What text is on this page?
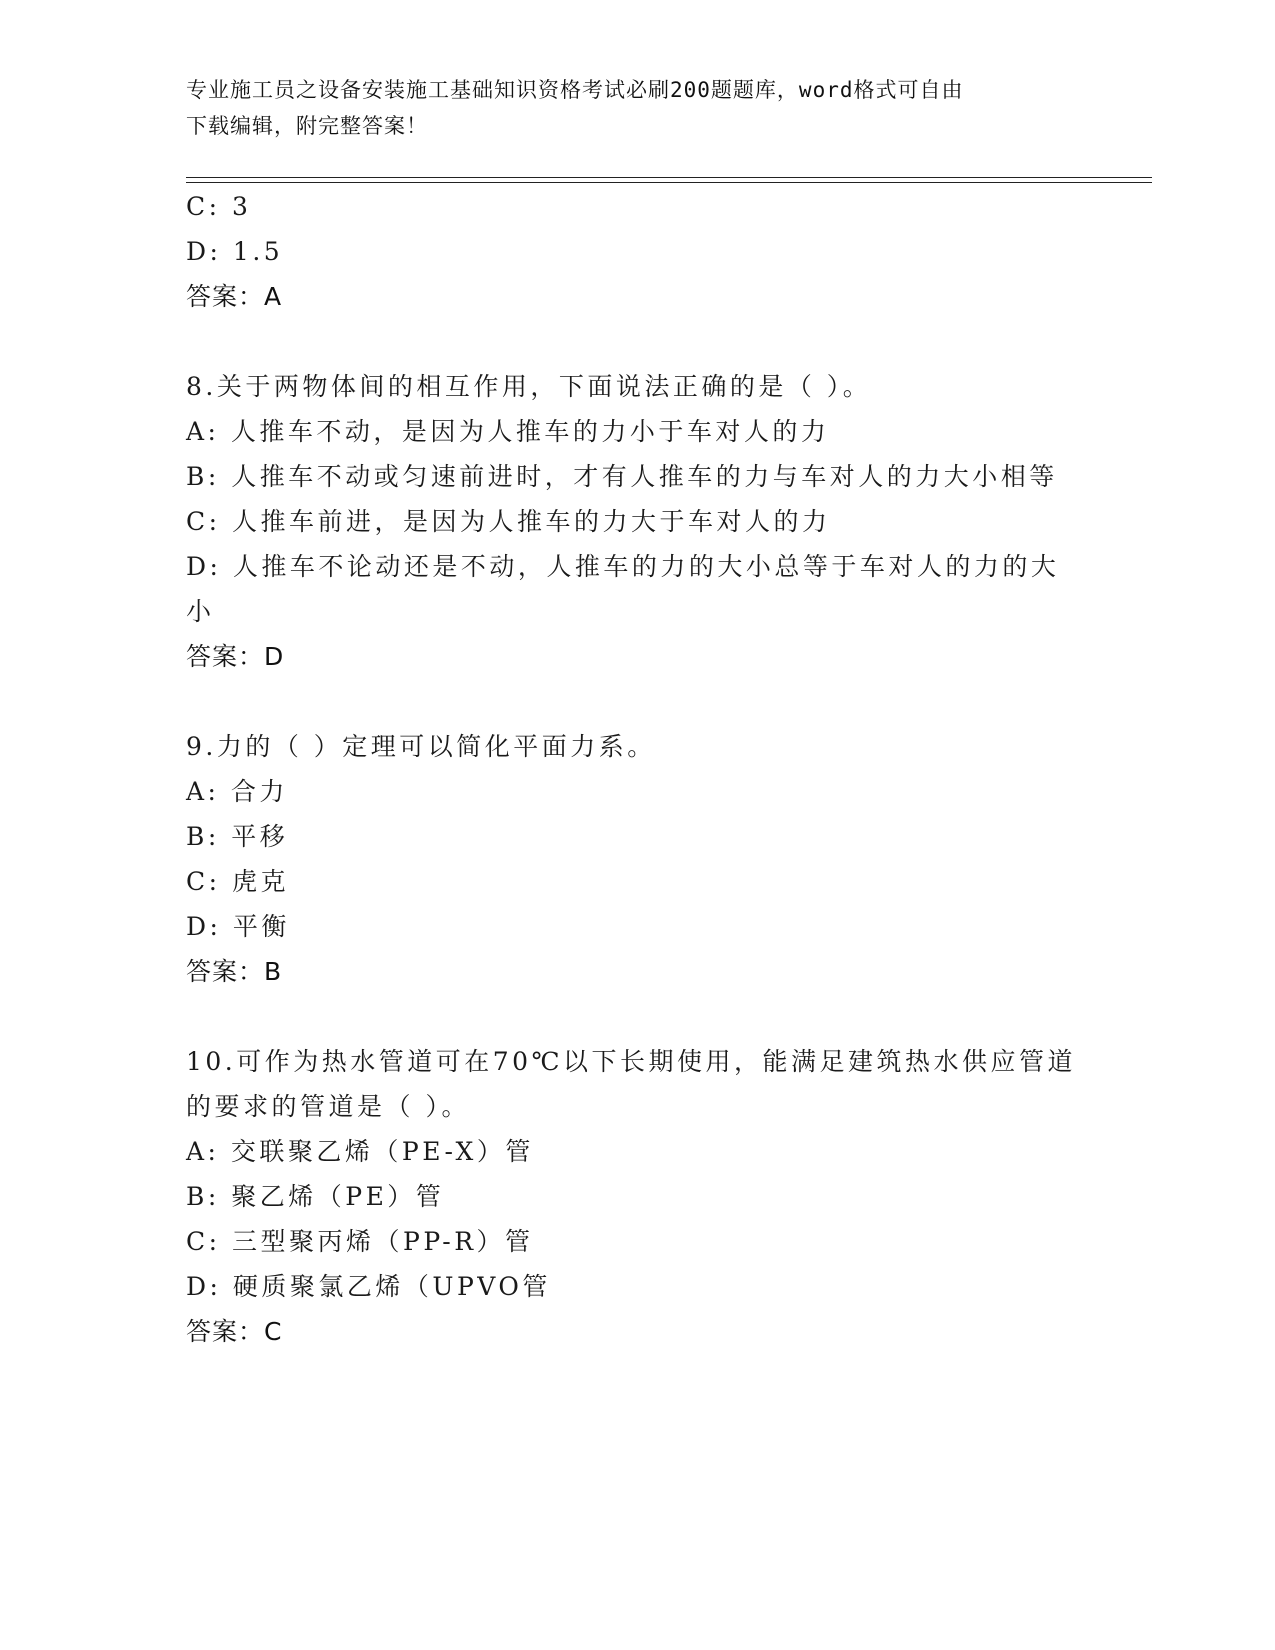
专业施工员之设备安装施工基础知识资格考试必刷200题题库，word格式可自由
下载编辑，附完整答案！
C: 3
D: 1.5
答案：A
8.关于两物体间的相互作用，下面说法正确的是（ ）。
A: 人推车不动，是因为人推车的力小于车对人的力
B: 人推车不动或匀速前进时，才有人推车的力与车对人的力大小相等
C: 人推车前进，是因为人推车的力大于车对人的力
D: 人推车不论动还是不动，人推车的力的大小总等于车对人的力的大
小
答案：D
9.力的（ ）定理可以简化平面力系。
A: 合力
B: 平移
C: 虎克
D: 平衡
答案：B
10.可作为热水管道可在70℃以下长期使用，能满足建筑热水供应管道
的要求的管道是（ ）。
A: 交联聚乙烯（PE-X）管
B: 聚乙烯（PE）管
C: 三型聚丙烯（PP-R）管
D: 硬质聚氯乙烯（UPVO管
答案：C
